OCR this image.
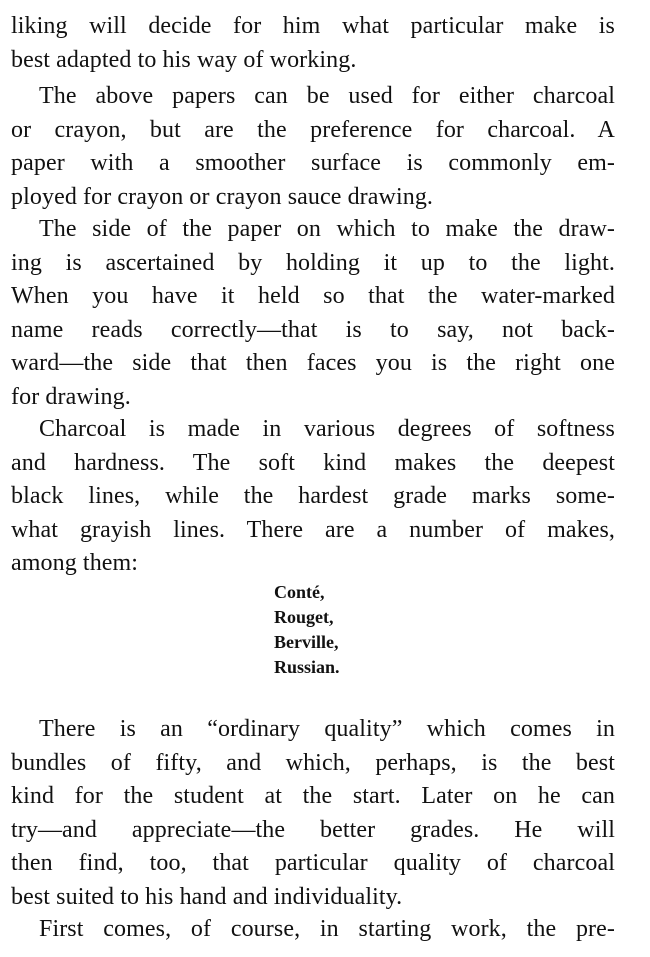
liking will decide for him what particular make is
best adapted to his way of working.
The above papers can be used for either charcoal
or crayon, but are the preference for charcoal. A
paper with a smoother surface is commonly em-
ployed for crayon or crayon sauce drawing.
The side of the paper on which to make the draw-
ing is ascertained by holding it up to the light.
When you have it held so that the water-marked
name reads correctly—that is to say, not back-
ward—the side that then faces you is the right one
for drawing.
Charcoal is made in various degrees of softness
and hardness. The soft kind makes the deepest
black lines, while the hardest grade marks some-
what grayish lines. There are a number of makes,
among them:
Conté,
Rouget,
Berville,
Russian.
There is an “ordinary quality” which comes in
bundles of fifty, and which, perhaps, is the best
kind for the student at the start. Later on he can
try—and appreciate—the better grades. He will
then find, too, that particular quality of charcoal
best suited to his hand and individuality.
First comes, of course, in starting work, the pre-
